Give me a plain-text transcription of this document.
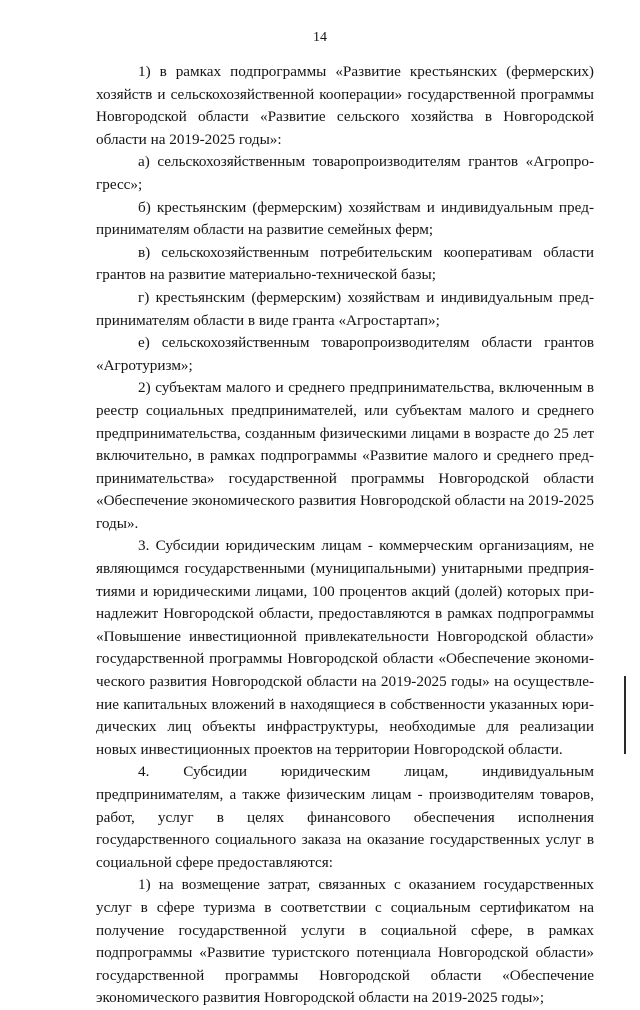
14

1) в рамках подпрограммы «Развитие крестьянских (фермерских) хозяйств и сельскохозяйственной кооперации» государственной программы Новгородской области «Развитие сельского хозяйства в Новгородской области на 2019-2025 годы»:

а) сельскохозяйственным товаропроизводителям грантов «Агропрогресс»;

б) крестьянским (фермерским) хозяйствам и индивидуальным предпринимателям области на развитие семейных ферм;

в) сельскохозяйственным потребительским кооперативам области грантов на развитие материально-технической базы;

г) крестьянским (фермерским) хозяйствам и индивидуальным предпринимателям области в виде гранта «Агростартап»;

е) сельскохозяйственным товаропроизводителям области грантов «Агротуризм»;

2) субъектам малого и среднего предпринимательства, включенным в реестр социальных предпринимателей, или субъектам малого и среднего предпринимательства, созданным физическими лицами в возрасте до 25 лет включительно, в рамках подпрограммы «Развитие малого и среднего предпринимательства» государственной программы Новгородской области «Обеспечение экономического развития Новгородской области на 2019-2025 годы».

3. Субсидии юридическим лицам - коммерческим организациям, не являющимся государственными (муниципальными) унитарными предприятиями и юридическими лицами, 100 процентов акций (долей) которых принадлежит Новгородской области, предоставляются в рамках подпрограммы «Повышение инвестиционной привлекательности Новгородской области» государственной программы Новгородской области «Обеспечение экономического развития Новгородской области на 2019-2025 годы» на осуществление капитальных вложений в находящиеся в собственности указанных юридических лиц объекты инфраструктуры, необходимые для реализации новых инвестиционных проектов на территории Новгородской области.

4. Субсидии юридическим лицам, индивидуальным предпринимателям, а также физическим лицам - производителям товаров, работ, услуг в целях финансового обеспечения исполнения государственного социального заказа на оказание государственных услуг в социальной сфере предоставляются:

1) на возмещение затрат, связанных с оказанием государственных услуг в сфере туризма в соответствии с социальным сертификатом на получение государственной услуги в социальной сфере, в рамках подпрограммы «Развитие туристского потенциала Новгородской области» государственной программы Новгородской области «Обеспечение экономического развития Новгородской области на 2019-2025 годы»;
